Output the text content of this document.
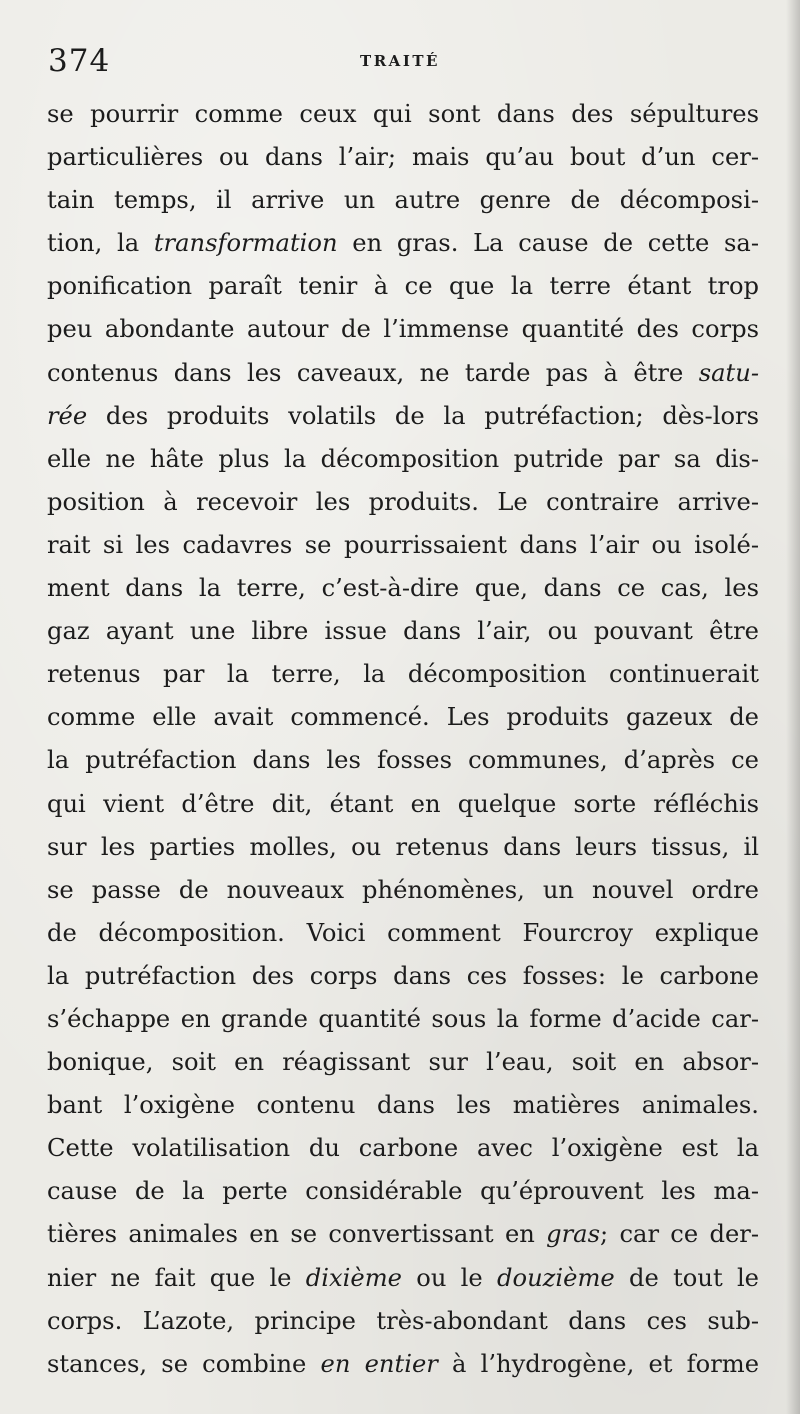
374	TRAITÉ
se pourrir comme ceux qui sont dans des sépultures
particulières ou dans l’air; mais qu’au bout d’un cer-
tain temps, il arrive un autre genre de décomposi-
tion, la transformation en gras. La cause de cette sa-
ponification paraît tenir à ce que la terre étant trop
peu abondante autour de l’immense quantité des corps
contenus dans les caveaux, ne tarde pas à être satu-
rée des produits volatils de la putréfaction; dès-lors
elle ne hâte plus la décomposition putride par sa dis-
position à recevoir les produits. Le contraire arrive-
rait si les cadavres se pourrissaient dans l’air ou isolé-
ment dans la terre, c’est-à-dire que, dans ce cas, les
gaz ayant une libre issue dans l’air, ou pouvant être
retenus par la terre, la décomposition continuerait
comme elle avait commencé. Les produits gazeux de
la putréfaction dans les fosses communes, d’après ce
qui vient d’être dit, étant en quelque sorte réfléchis
sur les parties molles, ou retenus dans leurs tissus, il
se passe de nouveaux phénomènes, un nouvel ordre
de décomposition. Voici comment Fourcroy explique
la putréfaction des corps dans ces fosses: le carbone
s’échappe en grande quantité sous la forme d’acide car-
bonique, soit en réagissant sur l’eau, soit en absor-
bant l’oxigène contenu dans les matières animales.
Cette volatilisation du carbone avec l’oxigène est la
cause de la perte considérable qu’éprouvent les ma-
tières animales en se convertissant en gras; car ce der-
nier ne fait que le dixième ou le douzième de tout le
corps. L’azote, principe très-abondant dans ces sub-
stances, se combine en entier à l’hydrogène, et forme
